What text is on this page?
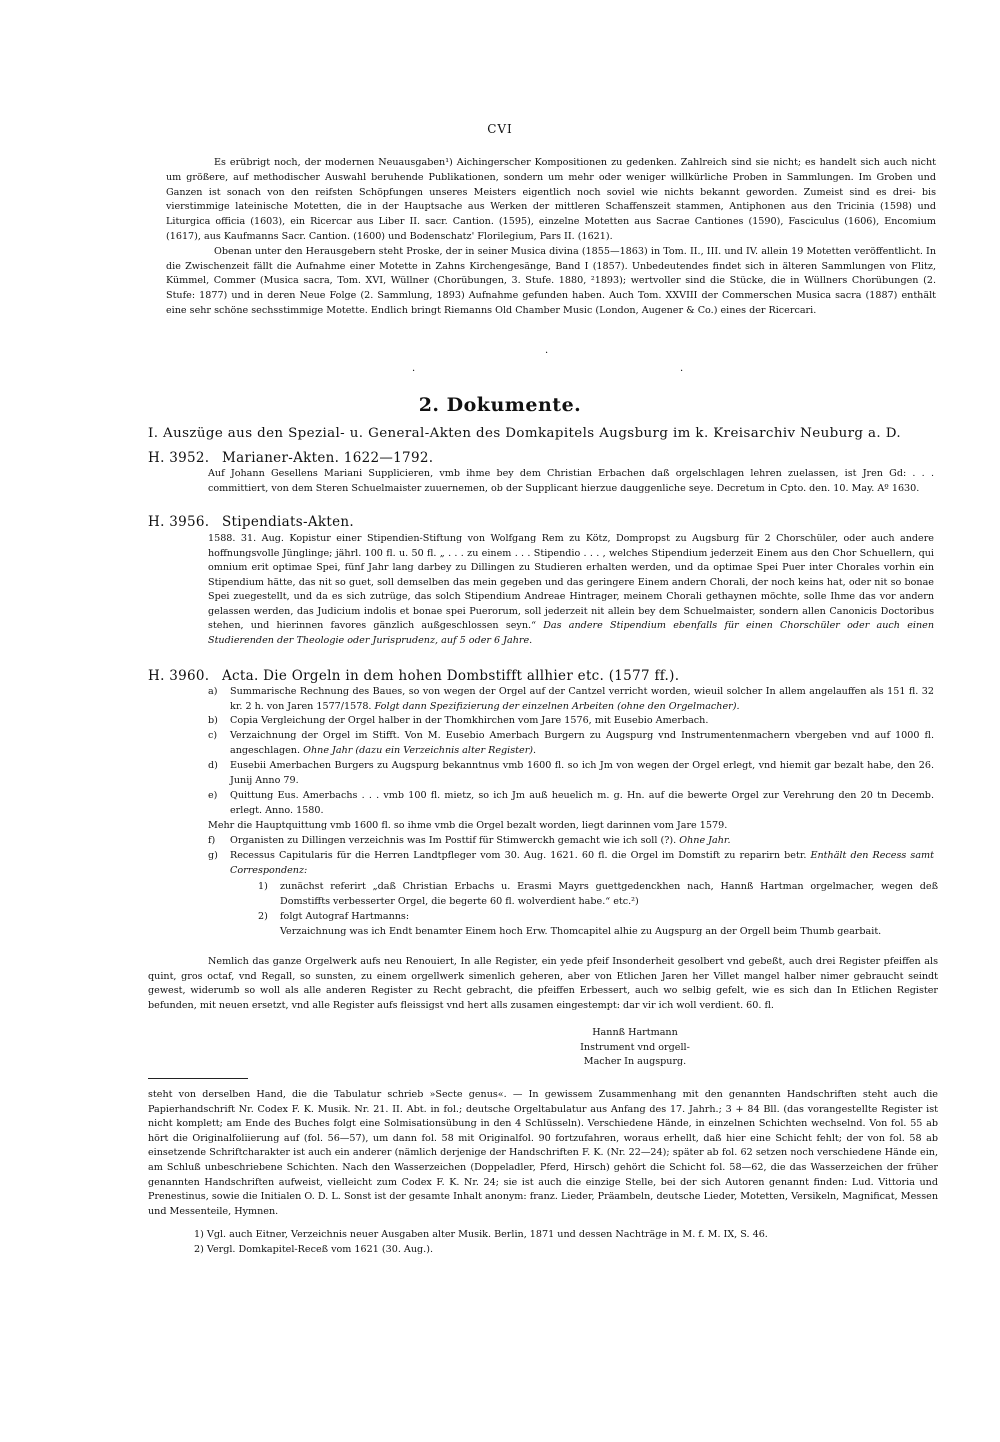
CVI

Es erübrigt noch, der modernen Neuausgaben¹) Aichingerscher Kompositionen zu gedenken. Zahlreich sind sie nicht; es handelt sich auch nicht um größere, auf methodischer Auswahl beruhende Publikationen, sondern um mehr oder weniger willkürliche Proben in Sammlungen. Im Groben und Ganzen ist sonach von den reifsten Schöpfungen unseres Meisters eigentlich noch soviel wie nichts bekannt geworden. Zumeist sind es drei- bis vierstimmige lateinische Motetten, die in der Hauptsache aus Werken der mittleren Schaffenszeit stammen, Antiphonen aus den Tricinia (1598) und Liturgica officia (1603), ein Ricercar aus Liber II. sacr. Cantion. (1595), einzelne Motetten aus Sacrae Cantiones (1590), Fasciculus (1606), Encomium (1617), aus Kaufmanns Sacr. Cantion. (1600) und Bodenschatz' Florilegium, Pars II. (1621).

Obenan unter den Herausgebern steht Proske, der in seiner Musica divina (1855—1863) in Tom. II., III. und IV. allein 19 Motetten veröffentlicht. In die Zwischenzeit fällt die Aufnahme einer Motette in Zahns Kirchengesänge, Band I (1857). Unbedeutendes findet sich in älteren Sammlungen von Flitz, Kümmel, Commer (Musica sacra, Tom. XVI, Wüllner (Chorübungen, 3. Stufe. 1880, ²1893); wertvoller sind die Stücke, die in Wüllners Chorübungen (2. Stufe: 1877) und in deren Neue Folge (2. Sammlung, 1893) Aufnahme gefunden haben. Auch Tom. XXVIII der Commerschen Musica sacra (1887) enthält eine sehr schöne sechsstimmige Motette. Endlich bringt Riemanns Old Chamber Music (London, Augener & Co.) eines der Ricercari.

·
·	·
2. Dokumente.
I. Auszüge aus den Spezial- u. General-Akten des Domkapitels Augsburg im k. Kreisarchiv Neuburg a. D.
H. 3952. Marianer-Akten. 1622—1792.

Auf Johann Gesellens Mariani Supplicieren, vmb ihme bey dem Christian Erbachen daß orgelschlagen lehren zuelassen, ist Jren Gd: . . . committiert, von dem Steren Schuelmaister zuuernemen, ob der Supplicant hierzue dauggenliche seye. Decretum in Cpto. den. 10. May. Aº 1630.

H. 3956. Stipendiats-Akten.

1588. 31. Aug. Kopistur einer Stipendien-Stiftung von Wolfgang Rem zu Kötz, Dompropst zu Augsburg für 2 Chorschüler, oder auch andere hoffnungsvolle Jünglinge; jährl. 100 fl. u. 50 fl. „ . . . zu einem . . . Stipendio . . . , welches Stipendium jederzeit Einem aus den Chor Schuellern, qui omnium erit optimae Spei, fünf Jahr lang darbey zu Dillingen zu Studieren erhalten werden, und da optimae Spei Puer inter Chorales vorhin ein Stipendium hätte, das nit so guet, soll demselben das mein gegeben und das geringere Einem andern Chorali, der noch keins hat, oder nit so bonae Spei zuegestellt, und da es sich zutrüge, das solch Stipendium Andreae Hintrager, meinem Chorali gethaynen möchte, solle Ihme das vor andern gelassen werden, das Judicium indolis et bonae spei Puerorum, soll jederzeit nit allein bey dem Schuelmaister, sondern allen Canonicis Doctoribus stehen, und hierinnen favores gänzlich außgeschlossen seyn.“ Das andere Stipendium ebenfalls für einen Chorschüler oder auch einen Studierenden der Theologie oder Jurisprudenz, auf 5 oder 6 Jahre.

H. 3960. Acta. Die Orgeln in dem hohen Dombstifft allhier etc. (1577 ff.).
a)	Summarische Rechnung des Baues, so von wegen der Orgel auf der Cantzel verricht worden, wieuil solcher In allem angelauffen als 151 fl. 32 kr. 2 h. von Jaren 1577/1578. Folgt dann Spezifizierung der einzelnen Arbeiten (ohne den Orgelmacher).
b)	Copia Vergleichung der Orgel halber in der Thomkhirchen vom Jare 1576, mit Eusebio Amerbach.
c)	Verzaichnung der Orgel im Stifft. Von M. Eusebio Amerbach Burgern zu Augspurg vnd Instrumentenmachern vbergeben vnd auf 1000 fl. angeschlagen. Ohne Jahr (dazu ein Verzeichnis alter Register).
d)	Eusebii Amerbachen Burgers zu Augspurg bekanntnus vmb 1600 fl. so ich Jm von wegen der Orgel erlegt, vnd hiemit gar bezalt habe, den 26. Junij Anno 79.
e)	Quittung Eus. Amerbachs . . . vmb 100 fl. mietz, so ich Jm auß heuelich m. g. Hn. auf die bewerte Orgel zur Verehrung den 20 tn Decemb. erlegt. Anno. 1580.
Mehr die Hauptquittung vmb 1600 fl. so ihme vmb die Orgel bezalt worden, liegt darinnen vom Jare 1579.
f)	Organisten zu Dillingen verzeichnis was Im Posttif für Stimwerckh gemacht wie ich soll (?). Ohne Jahr.
g)	Recessus Capitularis für die Herren Landtpfleger vom 30. Aug. 1621. 60 fl. die Orgel im Domstift zu reparirn betr. Enthält den Recess samt Correspondenz:
1)	zunächst referirt „daß Christian Erbachs u. Erasmi Mayrs guettgedenckhen nach, Hannß Hartman orgelmacher, wegen deß Domstiffts verbesserter Orgel, die begerte 60 fl. wolverdient habe.“ etc.²)
2)	folgt Autograf Hartmanns:
Verzaichnung was ich Endt benamter Einem hoch Erw. Thomcapitel alhie zu Augspurg an der Orgell beim Thumb gearbait.

Nemlich das ganze Orgelwerk aufs neu Renouiert, In alle Register, ein yede pfeif Insonderheit gesolbert vnd gebeßt, auch drei Register pfeiffen als quint, gros octaf, vnd Regall, so sunsten, zu einem orgellwerk simenlich geheren, aber von Etlichen Jaren her Villet mangel halber nimer gebraucht seindt gewest, widerumb so woll als alle anderen Register zu Recht gebracht, die pfeiffen Erbessert, auch wo selbig gefelt, wie es sich dan In Etlichen Register befunden, mit neuen ersetzt, vnd alle Register aufs fleissigst vnd hert alls zusamen eingestempt: dar vir ich woll verdient. 60. fl.

Hannß Hartmann
Instrument vnd orgell-
Macher In augspurg.

steht von derselben Hand, die die Tabulatur schrieb »Secte genus«. — In gewissem Zusammenhang mit den genannten Handschriften steht auch die Papierhandschrift Nr. Codex F. K. Musik. Nr. 21. II. Abt. in fol.; deutsche Orgeltabulatur aus Anfang des 17. Jahrh.; 3 + 84 Bll. (das vorangestellte Register ist nicht komplett; am Ende des Buches folgt eine Solmisationsübung in den 4 Schlüsseln). Verschiedene Hände, in einzelnen Schichten wechselnd. Von fol. 55 ab hört die Originalfoliierung auf (fol. 56—57), um dann fol. 58 mit Originalfol. 90 fortzufahren, woraus erhellt, daß hier eine Schicht fehlt; der von fol. 58 ab einsetzende Schriftcharakter ist auch ein anderer (nämlich derjenige der Handschriften F. K. (Nr. 22—24); später ab fol. 62 setzen noch verschiedene Hände ein, am Schluß unbeschriebene Schichten. Nach den Wasserzeichen (Doppeladler, Pferd, Hirsch) gehört die Schicht fol. 58—62, die das Wasserzeichen der früher genannten Handschriften aufweist, vielleicht zum Codex F. K. Nr. 24; sie ist auch die einzige Stelle, bei der sich Autoren genannt finden: Lud. Vittoria und Prenestinus, sowie die Initialen O. D. L. Sonst ist der gesamte Inhalt anonym: franz. Lieder, Präambeln, deutsche Lieder, Motetten, Versikeln, Magnificat, Messen und Messenteile, Hymnen.

1) Vgl. auch Eitner, Verzeichnis neuer Ausgaben alter Musik. Berlin, 1871 und dessen Nachträge in M. f. M. IX, S. 46.
2) Vergl. Domkapitel-Receß vom 1621 (30. Aug.).
